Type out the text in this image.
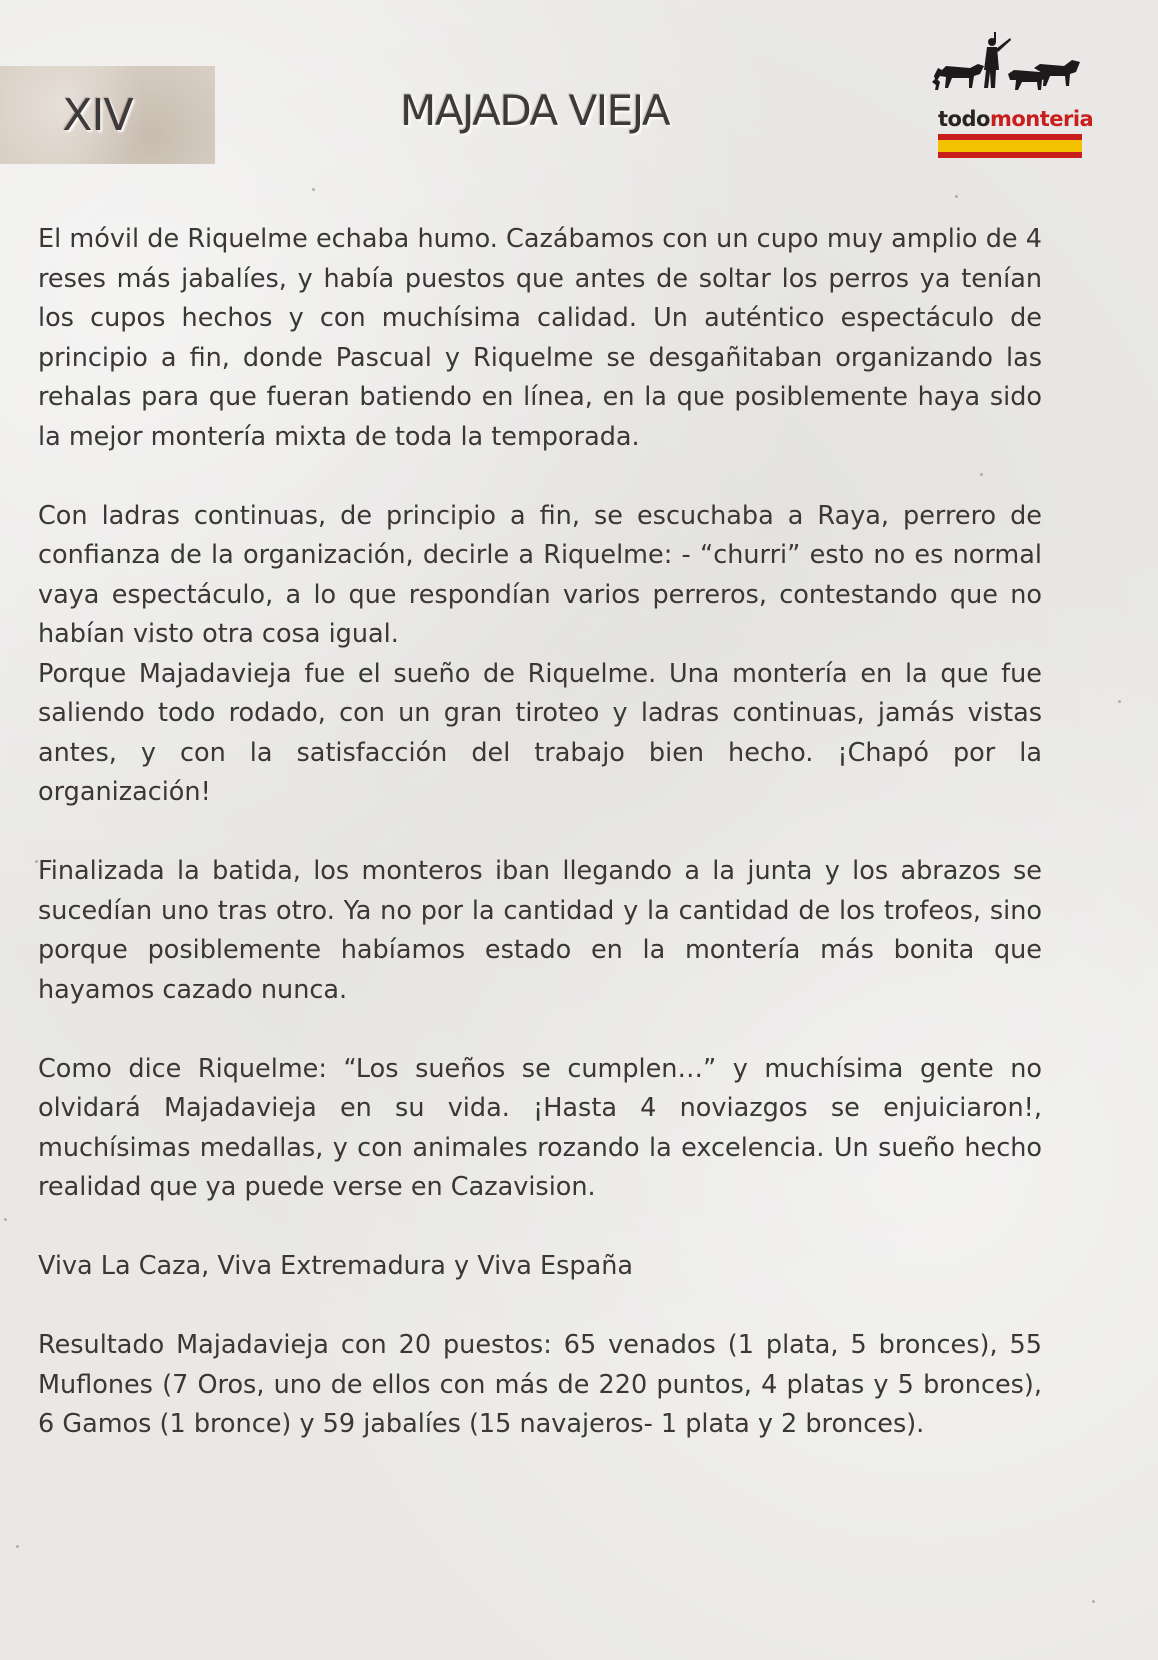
XIV	MAJADA VIEJA	todomonteria

El móvil de Riquelme echaba humo. Cazábamos con un cupo muy amplio de 4 reses más jabalíes, y había puestos que antes de soltar los perros ya tenían los cupos hechos y con muchísima calidad. Un auténtico espectáculo de principio a fin, donde Pascual y Riquelme se desgañitaban organizando las rehalas para que fueran batiendo en línea, en la que posiblemente haya sido la mejor montería mixta de toda la temporada.

Con ladras continuas, de principio a fin, se escuchaba a Raya, perrero de confianza de la organización, decirle a Riquelme: - “churri” esto no es normal vaya espectáculo, a lo que respondían varios perreros, contestando que no habían visto otra cosa igual.

Porque Majadavieja fue el sueño de Riquelme. Una montería en la que fue saliendo todo rodado, con un gran tiroteo y ladras continuas, jamás vistas antes, y con la satisfacción del trabajo bien hecho. ¡Chapó por la organización!

Finalizada la batida, los monteros iban llegando a la junta y los abrazos se sucedían uno tras otro. Ya no por la cantidad y la cantidad de los trofeos, sino porque posiblemente habíamos estado en la montería más bonita que hayamos cazado nunca.

Como dice Riquelme: “Los sueños se cumplen…” y muchísima gente no olvidará Majadavieja en su vida. ¡Hasta 4 noviazgos se enjuiciaron!, muchísimas medallas, y con animales rozando la excelencia. Un sueño hecho realidad que ya puede verse en Cazavision.

Viva La Caza, Viva Extremadura y Viva España

Resultado Majadavieja con 20 puestos: 65 venados (1 plata, 5 bronces), 55 Muflones (7 Oros, uno de ellos con más de 220 puntos, 4 platas y 5 bronces), 6 Gamos (1 bronce) y 59 jabalíes (15 navajeros- 1 plata y 2 bronces).
